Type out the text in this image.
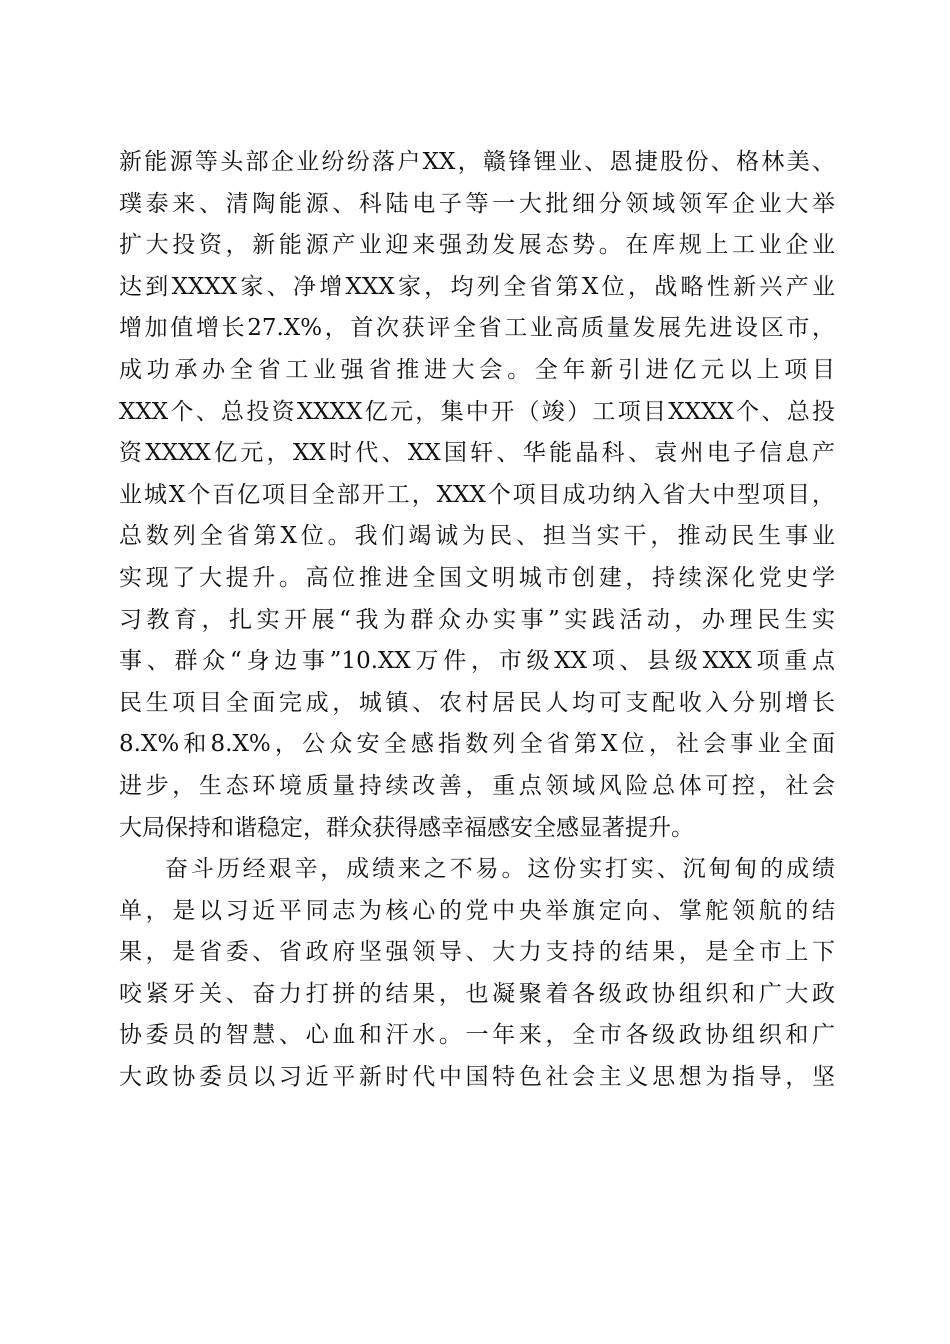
新能源等头部企业纷纷落户XX，赣锋锂业、恩捷股份、格林美、
璞泰来、清陶能源、科陆电子等一大批细分领域领军企业大举
扩大投资，新能源产业迎来强劲发展态势。在库规上工业企业
达到XXXX家、净增XXX家，均列全省第X位，战略性新兴产业
增加值增长27.X%，首次获评全省工业高质量发展先进设区市，
成功承办全省工业强省推进大会。全年新引进亿元以上项目
XXX个、总投资XXXX亿元，集中开（竣）工项目XXXX个、总投
资XXXX亿元，XX时代、XX国轩、华能晶科、袁州电子信息产
业城X个百亿项目全部开工，XXX个项目成功纳入省大中型项目，
总数列全省第X位。我们竭诚为民、担当实干，推动民生事业
实现了大提升。高位推进全国文明城市创建，持续深化党史学
习教育，扎实开展“我为群众办实事”实践活动，办理民生实
事、群众“身边事”10.XX万件，市级XX项、县级XXX项重点
民生项目全面完成，城镇、农村居民人均可支配收入分别增长
8.X%和8.X%，公众安全感指数列全省第X位，社会事业全面
进步，生态环境质量持续改善，重点领域风险总体可控，社会
大局保持和谐稳定，群众获得感幸福感安全感显著提升。
奋斗历经艰辛，成绩来之不易。这份实打实、沉甸甸的成绩
单，是以习近平同志为核心的党中央举旗定向、掌舵领航的结
果，是省委、省政府坚强领导、大力支持的结果，是全市上下
咬紧牙关、奋力打拼的结果，也凝聚着各级政协组织和广大政
协委员的智慧、心血和汗水。一年来，全市各级政协组织和广
大政协委员以习近平新时代中国特色社会主义思想为指导，坚
